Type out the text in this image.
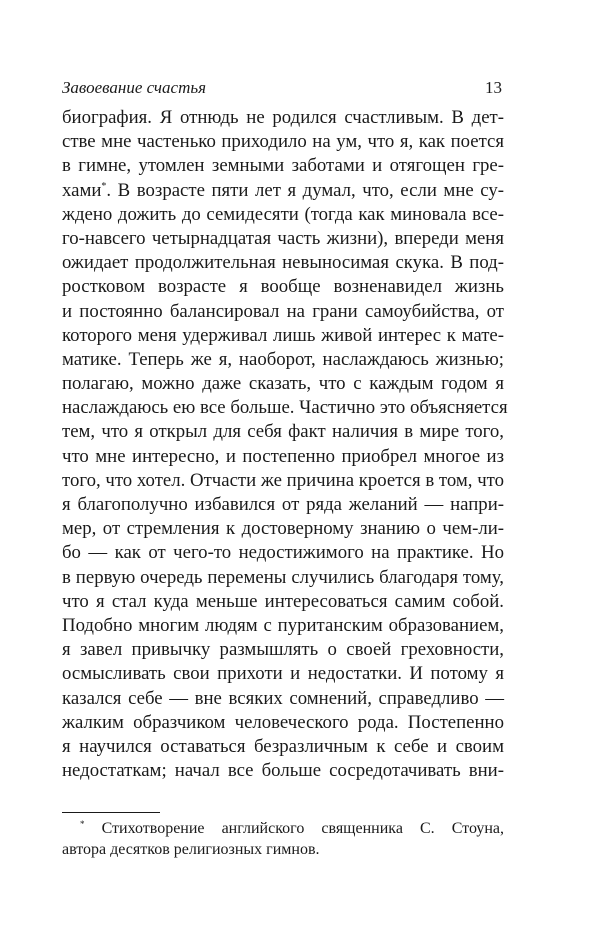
Завоевание счастья	13
биография. Я отнюдь не родился счастливым. В дет-
стве мне частенько приходило на ум, что я, как поется
в гимне, утомлен земными заботами и отягощен гре-
хами*. В возрасте пяти лет я думал, что, если мне су-
ждено дожить до семидесяти (тогда как миновала все-
го-навсего четырнадцатая часть жизни), впереди меня
ожидает продолжительная невыносимая скука. В под-
ростковом возрасте я вообще возненавидел жизнь
и постоянно балансировал на грани самоубийства, от
которого меня удерживал лишь живой интерес к мате-
матике. Теперь же я, наоборот, наслаждаюсь жизнью;
полагаю, можно даже сказать, что с каждым годом я
наслаждаюсь ею все больше. Частично это объясняется
тем, что я открыл для себя факт наличия в мире того,
что мне интересно, и постепенно приобрел многое из
того, что хотел. Отчасти же причина кроется в том, что
я благополучно избавился от ряда желаний — напри-
мер, от стремления к достоверному знанию о чем-ли-
бо — как от чего-то недостижимого на практике. Но
в первую очередь перемены случились благодаря тому,
что я стал куда меньше интересоваться самим собой.
Подобно многим людям с пуританским образованием,
я завел привычку размышлять о своей греховности,
осмысливать свои прихоти и недостатки. И потому я
казался себе — вне всяких сомнений, справедливо —
жалким образчиком человеческого рода. Постепенно
я научился оставаться безразличным к себе и своим
недостаткам; начал все больше сосредотачивать вни-
* Стихотворение английского священника С. Стоуна,
автора десятков религиозных гимнов.
